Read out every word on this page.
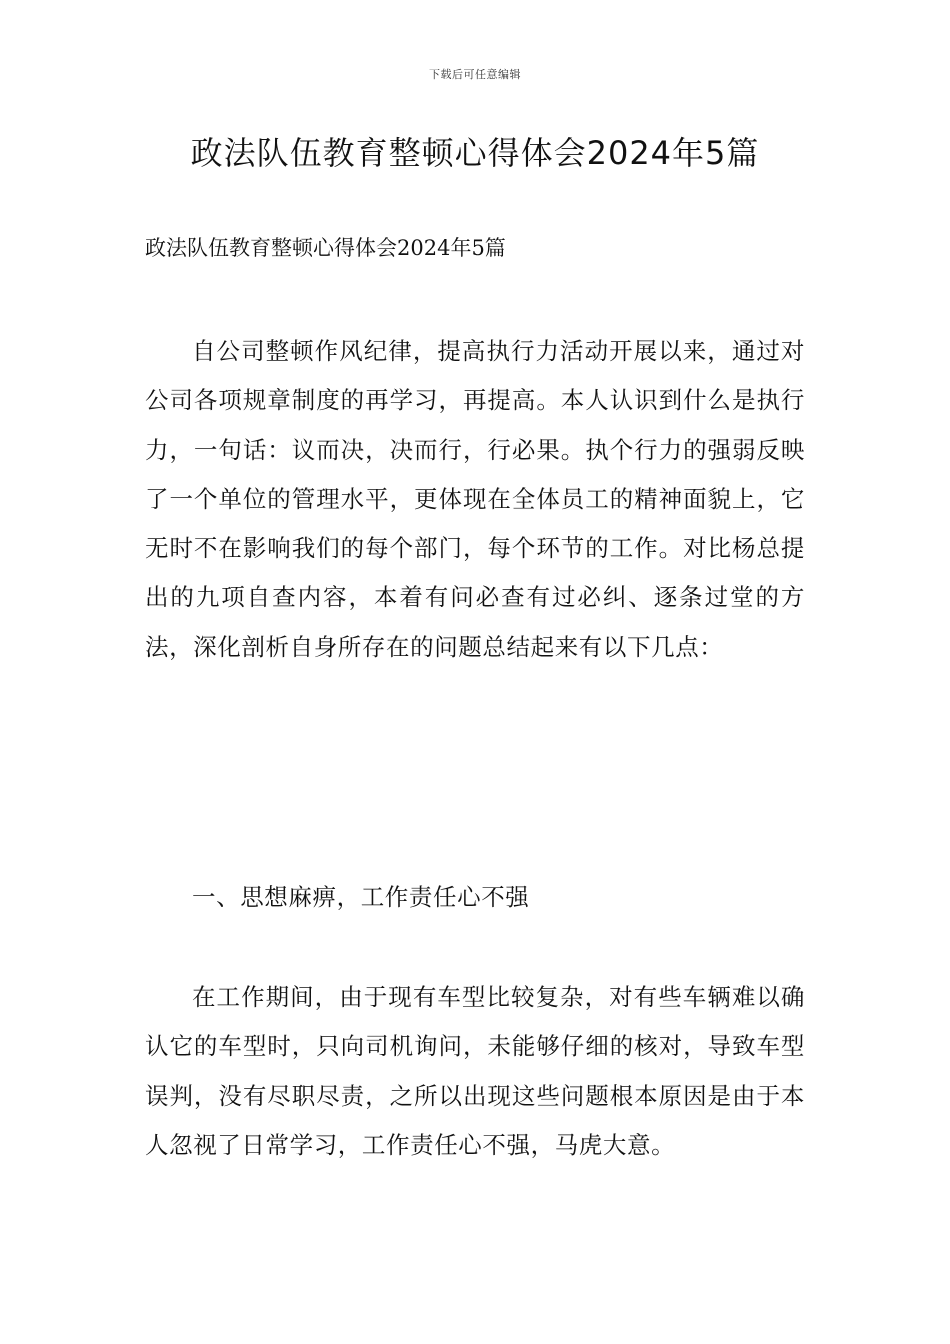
下载后可任意编辑
政法队伍教育整顿心得体会2024年5篇

政法队伍教育整顿心得体会2024年5篇

自公司整顿作风纪律，提高执行力活动开展以来，通过对公司各项规章制度的再学习，再提高。本人认识到什么是执行力，一句话：议而决，决而行，行必果。执个行力的强弱反映了一个单位的管理水平，更体现在全体员工的精神面貌上，它无时不在影响我们的每个部门，每个环节的工作。对比杨总提出的九项自查内容，本着有问必查有过必纠、逐条过堂的方法，深化剖析自身所存在的问题总结起来有以下几点：

一、思想麻痹，工作责任心不强

在工作期间，由于现有车型比较复杂，对有些车辆难以确认它的车型时，只向司机询问，未能够仔细的核对，导致车型误判，没有尽职尽责，之所以出现这些问题根本原因是由于本人忽视了日常学习，工作责任心不强，马虎大意。
